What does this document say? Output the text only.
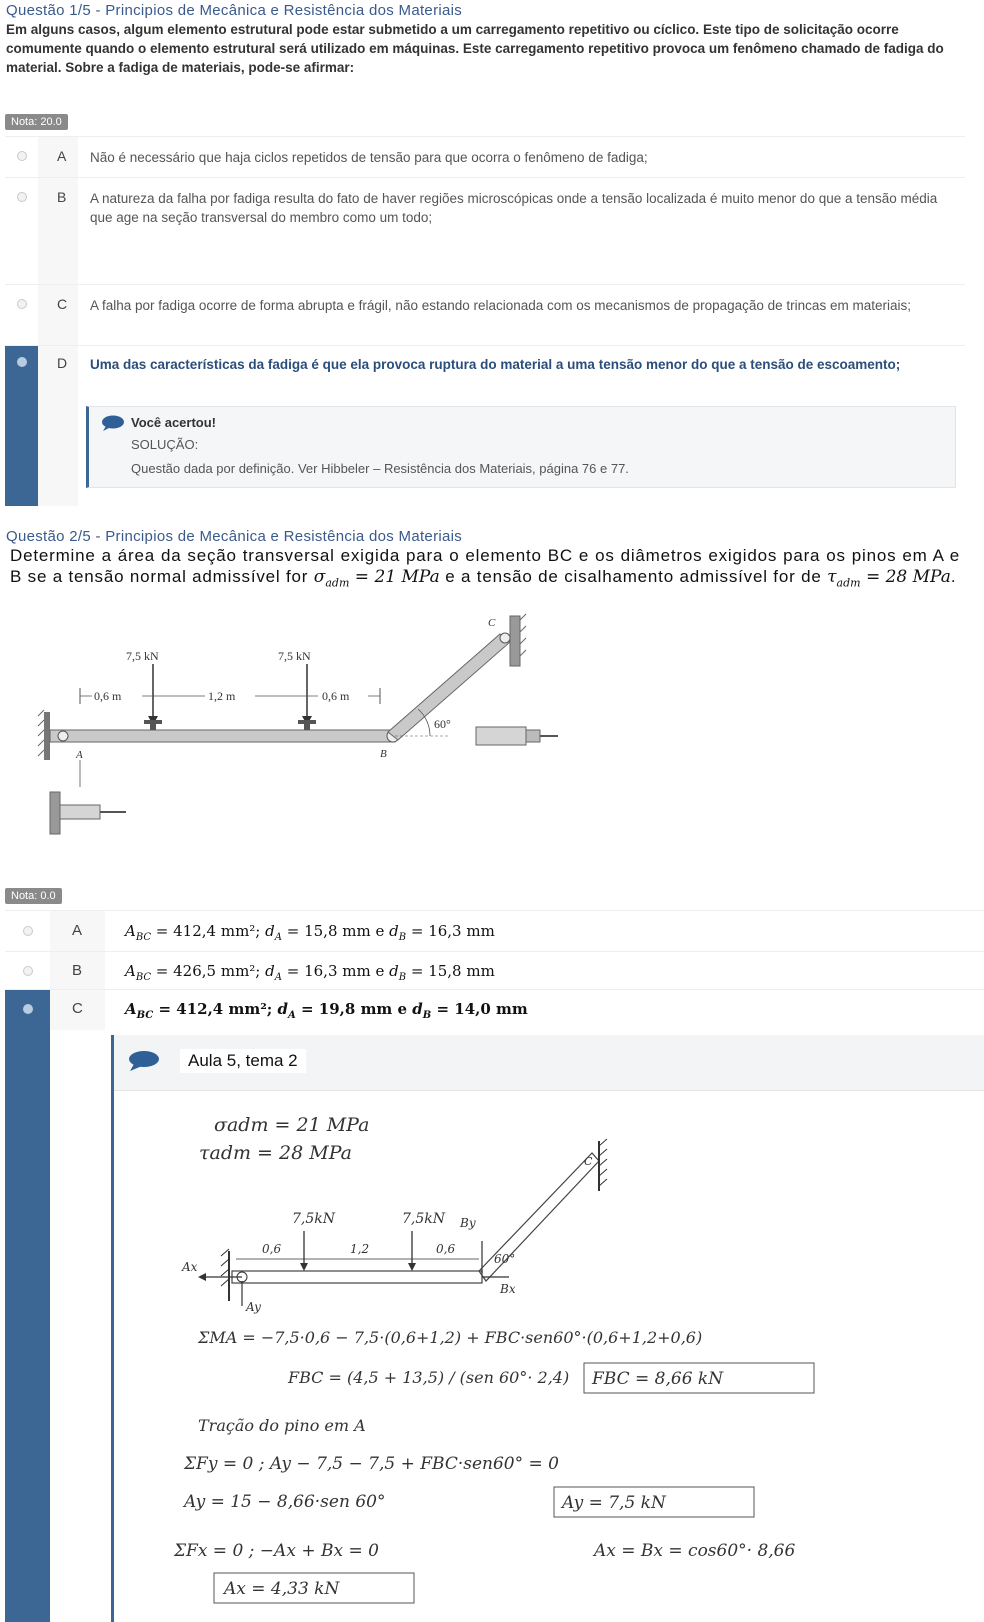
Questão 1/5 - Principios de Mecânica e Resistência dos Materiais
Em alguns casos, algum elemento estrutural pode estar submetido a um carregamento repetitivo ou cíclico. Este tipo de solicitação ocorre comumente quando o elemento estrutural será utilizado em máquinas. Este carregamento repetitivo provoca um fenômeno chamado de fadiga do material. Sobre a fadiga de materiais, pode-se afirmar:
Nota: 20.0
A Não é necessário que haja ciclos repetidos de tensão para que ocorra o fenômeno de fadiga;
B A natureza da falha por fadiga resulta do fato de haver regiões microscópicas onde a tensão localizada é muito menor do que a tensão média que age na seção transversal do membro como um todo;
C A falha por fadiga ocorre de forma abrupta e frágil, não estando relacionada com os mecanismos de propagação de trincas em materiais;
D Uma das características da fadiga é que ela provoca ruptura do material a uma tensão menor do que a tensão de escoamento;
Você acertou!
SOLUÇÃO:
Questão dada por definição. Ver Hibbeler – Resistência dos Materiais, página 76 e 77.
Questão 2/5 - Principios de Mecânica e Resistência dos Materiais
Determine a área da seção transversal exigida para o elemento BC e os diâmetros exigidos para os pinos em A e B se a tensão normal admissível for $\sigma_{adm} = 21$ MPa e a tensão de cisalhamento admissível for de $\tau_{adm} = 28$ MPa.
7,5 kN	7,5 kN
0,6 m	1,2 m	0,6 m
60°
A	B
C
Nota: 0.0
A	$A_{BC} = 412,4$ mm²; $d_A = 15,8$ mm e $d_B = 16,3$ mm
B	$A_{BC} = 426,5$ mm²; $d_A = 16,3$ mm e $d_B = 15,8$ mm
C	$A_{BC} = 412,4$ mm²; $d_A = 19,8$ mm e $d_B = 14,0$ mm
Aula 5, tema 2
σadm = 21 MPa
τadm = 28 MPa
7,5kN	7,5kN By
0,6	1,2	0,6
60°
Ax
Ay
Bx
C
ΣMA = −7,5·0,6 − 7,5·(0,6+1,2) + FBC·sen60°·(0,6+1,2+0,6)
FBC = (4,5 + 13,5) / (sen 60°· 2,4) FBC = 8,66 kN
Tração do pino em A
ΣFy = 0 ; Ay − 7,5 − 7,5 + FBC·sen60° = 0
Ay = 15 − 8,66·sen 60°	Ay = 7,5 kN
ΣFx = 0 ; −Ax + Bx = 0	Ax = Bx = cos60°· 8,66
Ax = 4,33 kN
